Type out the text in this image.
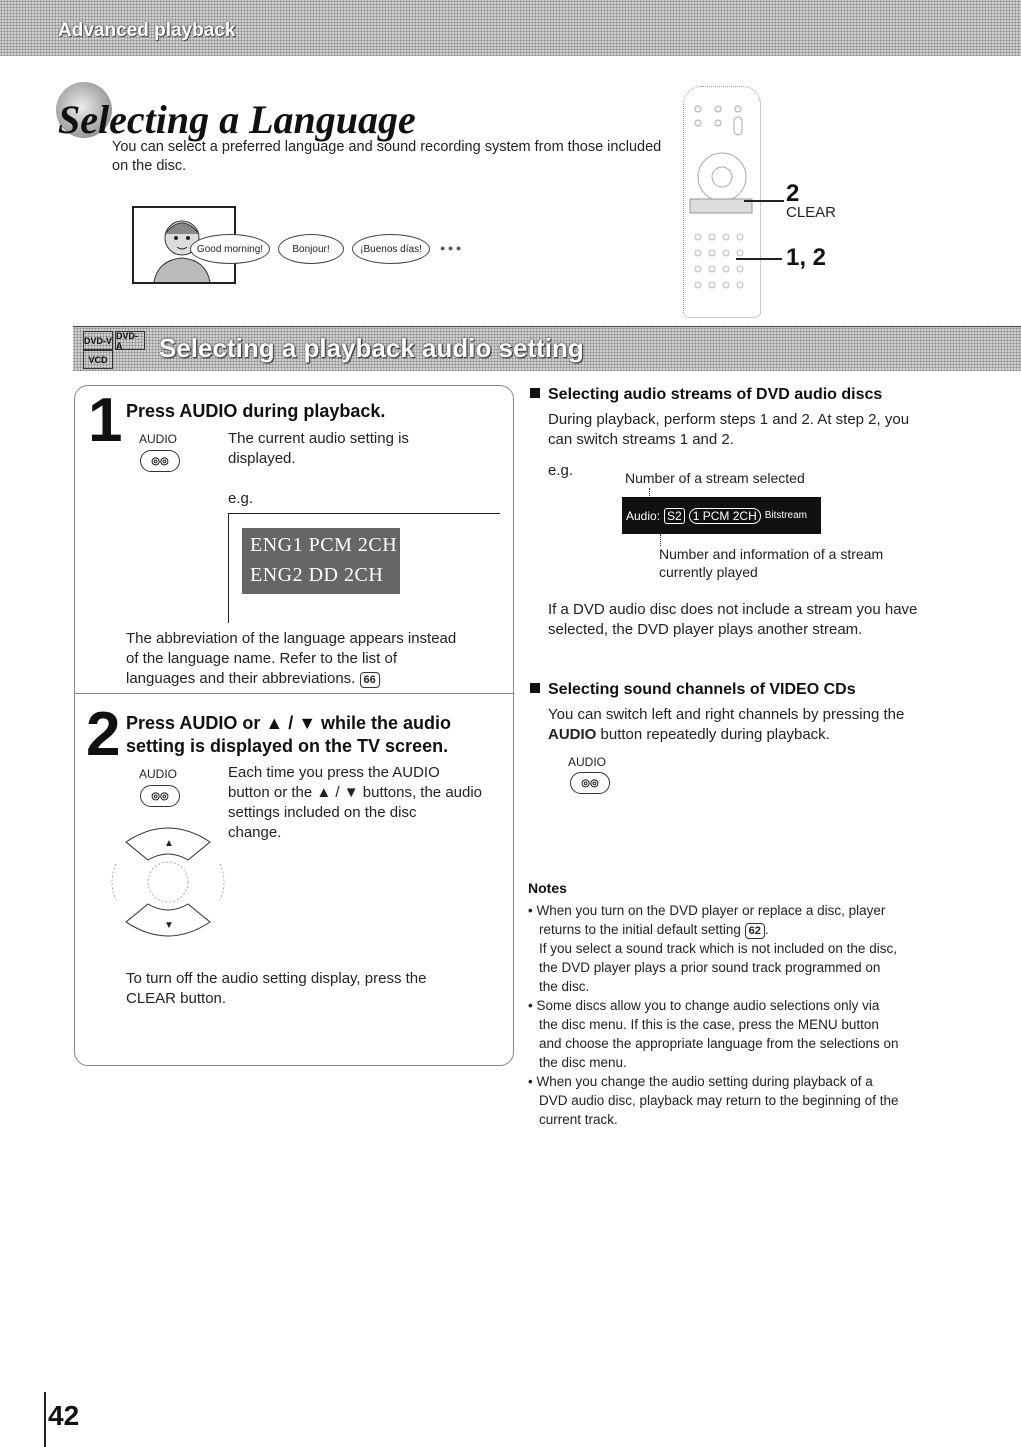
Advanced playback
Selecting a Language
You can select a preferred language and sound recording system from those included on the disc.
Good morning!	Bonjour!	¡Buenos días!	● ● ●
2
CLEAR
1, 2
DVD-V DVD-A
VCD Selecting a playback audio setting
1 Press AUDIO during playback.
AUDIO
◎◎
The current audio setting is displayed.
e.g.
ENG1 PCM 2CH
ENG2 DD 2CH
The abbreviation of the language appears instead
of the language name. Refer to the list of
languages and their abbreviations. 66
2 Press AUDIO or ▲ / ▼ while the audio
setting is displayed on the TV screen.
AUDIO
◎◎
Each time you press the AUDIO
button or the ▲ / ▼ buttons, the audio
settings included on the disc
change.
▲
▼
To turn off the audio setting display, press the
CLEAR button.
Selecting audio streams of DVD audio discs
During playback, perform steps 1 and 2. At step 2, you
can switch streams 1 and 2.
e.g.	Number of a stream selected
Audio: S2 1 PCM 2CH Bitstream
Number and information of a stream
currently played
If a DVD audio disc does not include a stream you have
selected, the DVD player plays another stream.
Selecting sound channels of VIDEO CDs
You can switch left and right channels by pressing the
AUDIO button repeatedly during playback.
AUDIO
◎◎
Notes
• When you turn on the DVD player or replace a disc, player
returns to the initial default setting 62 .
If you select a sound track which is not included on the disc,
the DVD player plays a prior sound track programmed on
the disc.
• Some discs allow you to change audio selections only via
the disc menu. If this is the case, press the MENU button
and choose the appropriate language from the selections on
the disc menu.
• When you change the audio setting during playback of a
DVD audio disc, playback may return to the beginning of the
current track.
42
